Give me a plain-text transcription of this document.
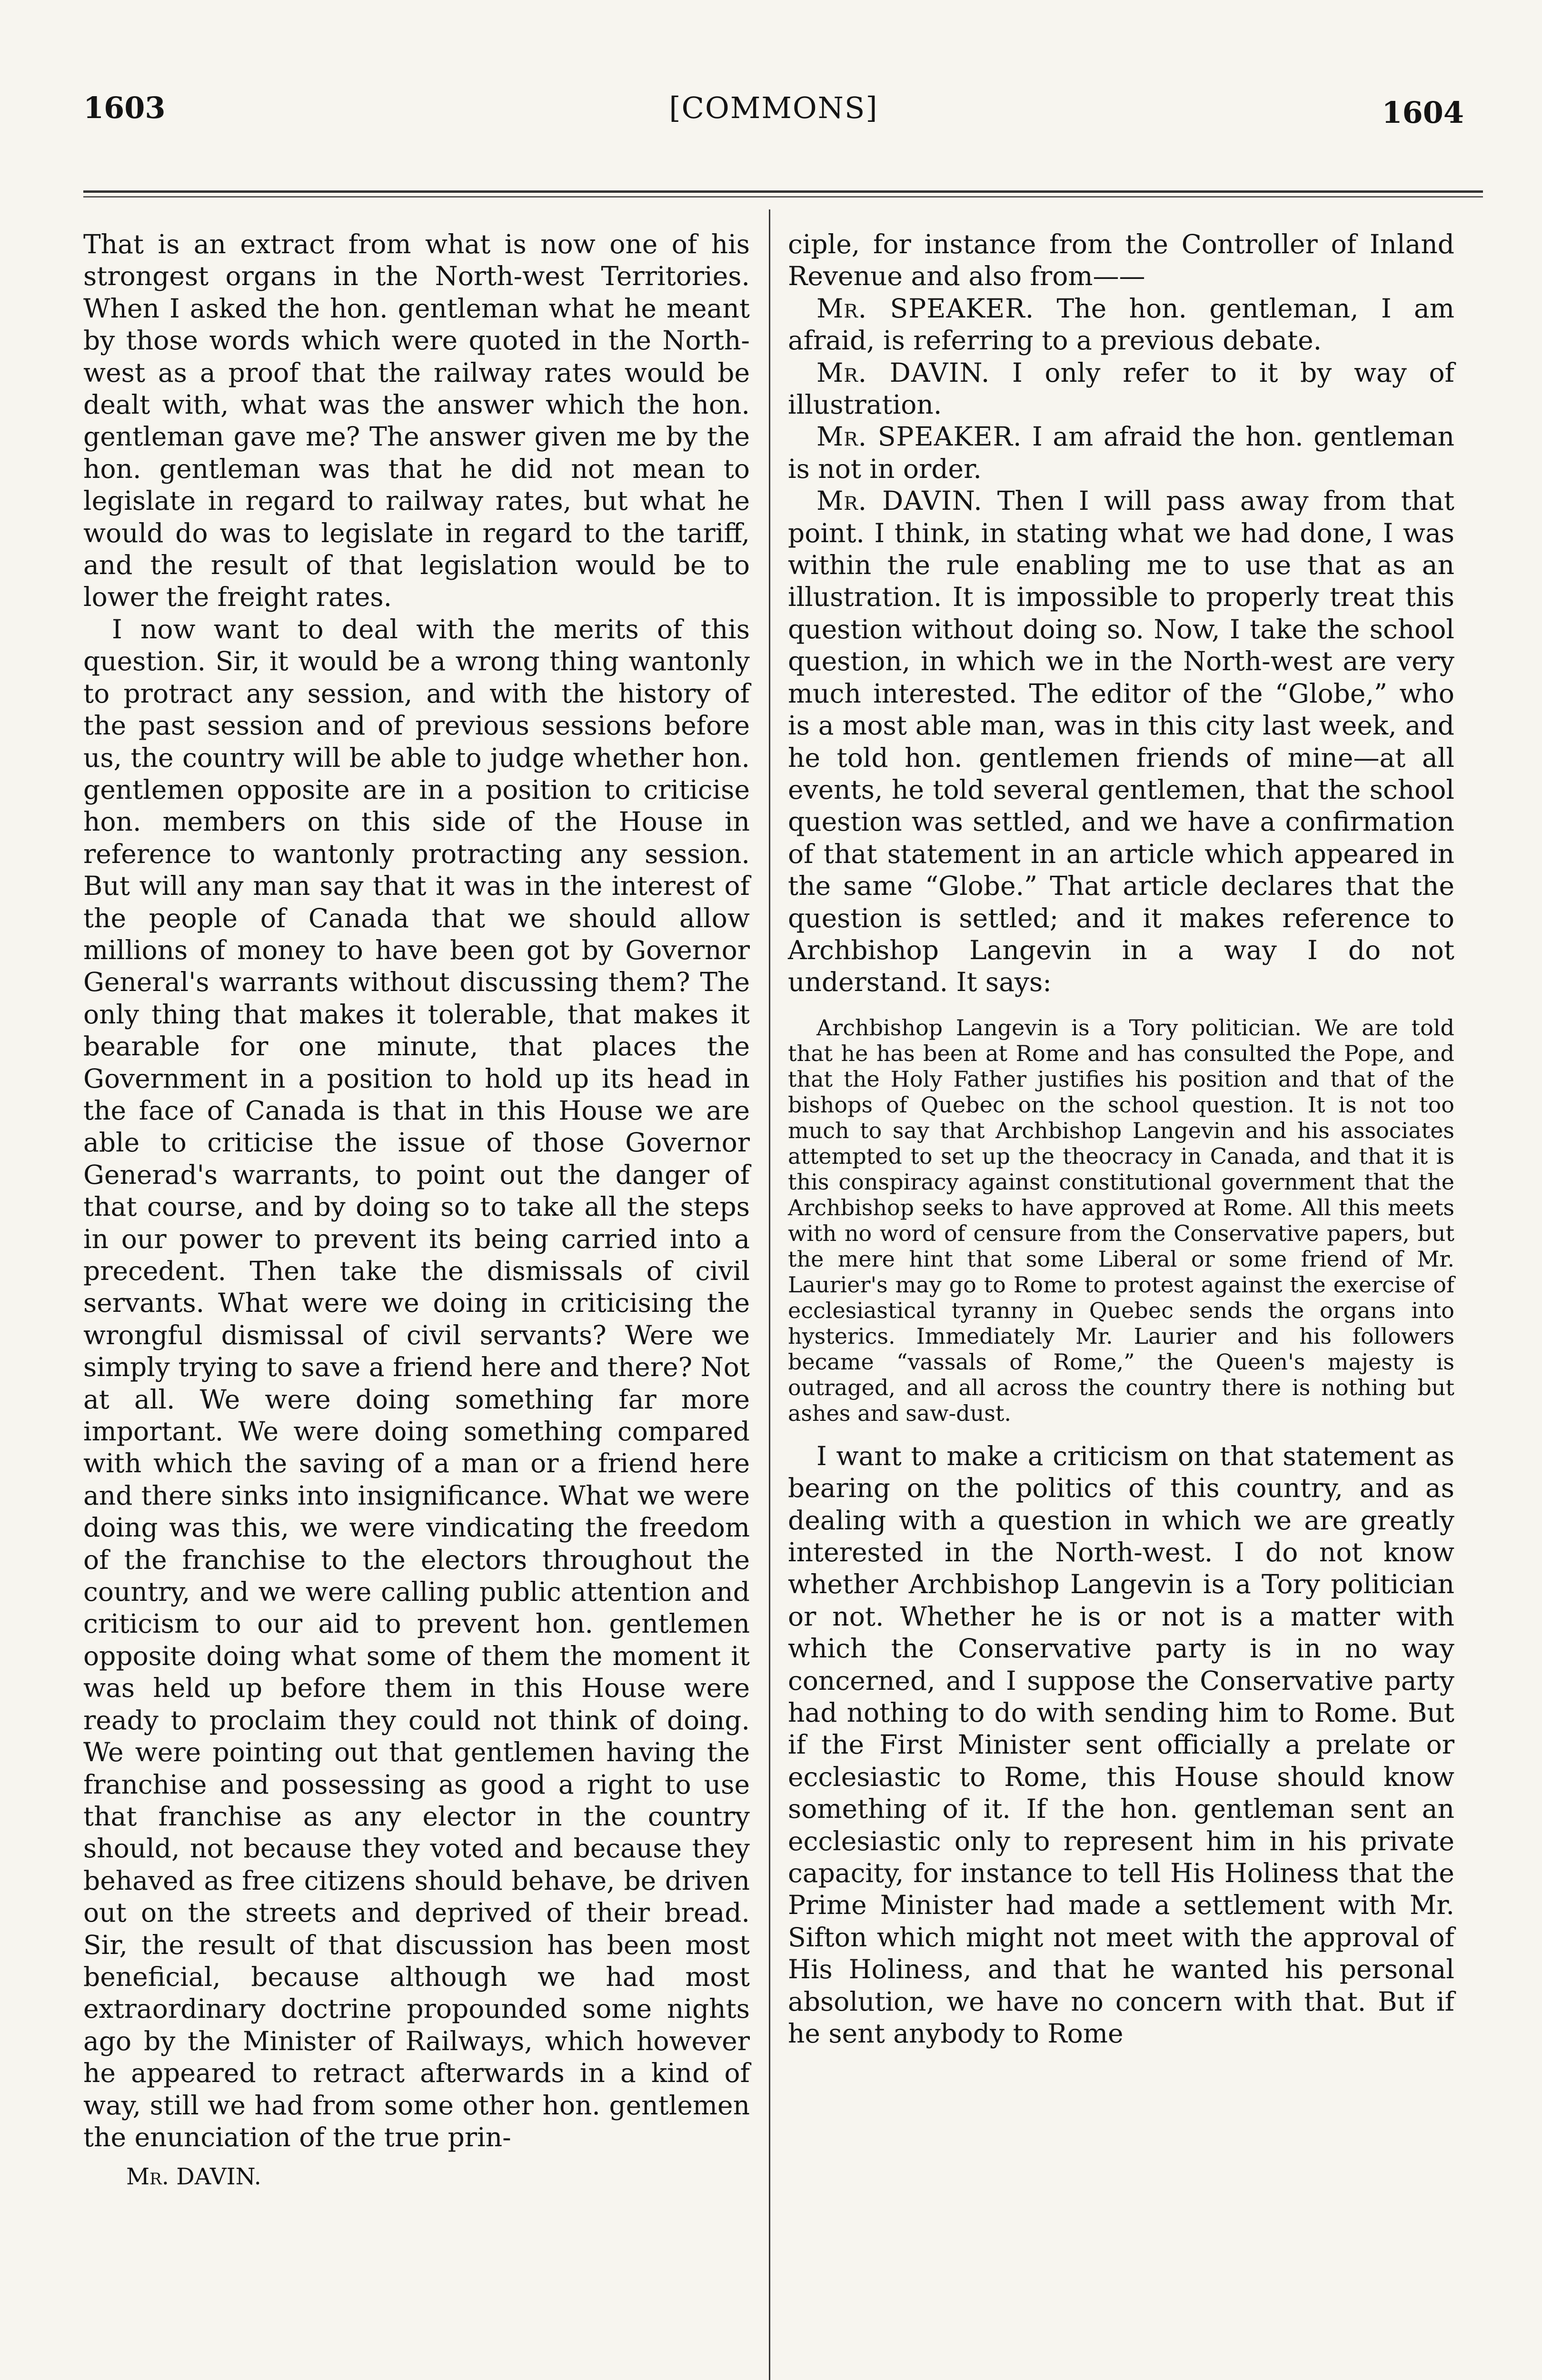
1603	[COMMONS]	1604

That is an extract from what is now one of his strongest organs in the North-west Territories. When I asked the hon. gentleman what he meant by those words which were quoted in the North-west as a proof that the railway rates would be dealt with, what was the answer which the hon. gentleman gave me? The answer given me by the hon. gentleman was that he did not mean to legislate in regard to railway rates, but what he would do was to legislate in regard to the tariff, and the result of that legislation would be to lower the freight rates.

I now want to deal with the merits of this question. Sir, it would be a wrong thing wantonly to protract any session, and with the history of the past session and of previous sessions before us, the country will be able to judge whether hon. gentlemen opposite are in a position to criticise hon. members on this side of the House in reference to wantonly protracting any session. But will any man say that it was in the interest of the people of Canada that we should allow millions of money to have been got by Governor General's warrants without discussing them? The only thing that makes it tolerable, that makes it bearable for one minute, that places the Government in a position to hold up its head in the face of Canada is that in this House we are able to criticise the issue of those Governor Generad's warrants, to point out the danger of that course, and by doing so to take all the steps in our power to prevent its being carried into a precedent. Then take the dismissals of civil servants. What were we doing in criticising the wrongful dismissal of civil servants? Were we simply trying to save a friend here and there? Not at all. We were doing something far more important. We were doing something compared with which the saving of a man or a friend here and there sinks into insignificance. What we were doing was this, we were vindicating the freedom of the franchise to the electors throughout the country, and we were calling public attention and criticism to our aid to prevent hon. gentlemen opposite doing what some of them the moment it was held up before them in this House were ready to proclaim they could not think of doing. We were pointing out that gentlemen having the franchise and possessing as good a right to use that franchise as any elector in the country should, not because they voted and because they behaved as free citizens should behave, be driven out on the streets and deprived of their bread. Sir, the result of that discussion has been most beneficial, because although we had most extraordinary doctrine propounded some nights ago by the Minister of Railways, which however he appeared to retract afterwards in a kind of way, still we had from some other hon. gentlemen the enunciation of the true prin-

Mr. DAVIN.

ciple, for instance from the Controller of Inland Revenue and also from——

Mr. SPEAKER. The hon. gentleman, I am afraid, is referring to a previous debate.

Mr. DAVIN. I only refer to it by way of illustration.

Mr. SPEAKER. I am afraid the hon. gentleman is not in order.

Mr. DAVIN. Then I will pass away from that point. I think, in stating what we had done, I was within the rule enabling me to use that as an illustration. It is impossible to properly treat this question without doing so. Now, I take the school question, in which we in the North-west are very much interested. The editor of the “Globe,” who is a most able man, was in this city last week, and he told hon. gentlemen friends of mine—at all events, he told several gentlemen, that the school question was settled, and we have a confirmation of that statement in an article which appeared in the same “Globe.” That article declares that the question is settled; and it makes reference to Archbishop Langevin in a way I do not understand. It says:

Archbishop Langevin is a Tory politician. We are told that he has been at Rome and has consulted the Pope, and that the Holy Father justifies his position and that of the bishops of Quebec on the school question. It is not too much to say that Archbishop Langevin and his associates attempted to set up the theocracy in Canada, and that it is this conspiracy against constitutional government that the Archbishop seeks to have approved at Rome. All this meets with no word of censure from the Conservative papers, but the mere hint that some Liberal or some friend of Mr. Laurier's may go to Rome to protest against the exercise of ecclesiastical tyranny in Quebec sends the organs into hysterics. Immediately Mr. Laurier and his followers became “vassals of Rome,” the Queen's majesty is outraged, and all across the country there is nothing but ashes and saw-dust.

I want to make a criticism on that statement as bearing on the politics of this country, and as dealing with a question in which we are greatly interested in the North-west. I do not know whether Archbishop Langevin is a Tory politician or not. Whether he is or not is a matter with which the Conservative party is in no way concerned, and I suppose the Conservative party had nothing to do with sending him to Rome. But if the First Minister sent officially a prelate or ecclesiastic to Rome, this House should know something of it. If the hon. gentleman sent an ecclesiastic only to represent him in his private capacity, for instance to tell His Holiness that the Prime Minister had made a settlement with Mr. Sifton which might not meet with the approval of His Holiness, and that he wanted his personal absolution, we have no concern with that. But if he sent anybody to Rome
